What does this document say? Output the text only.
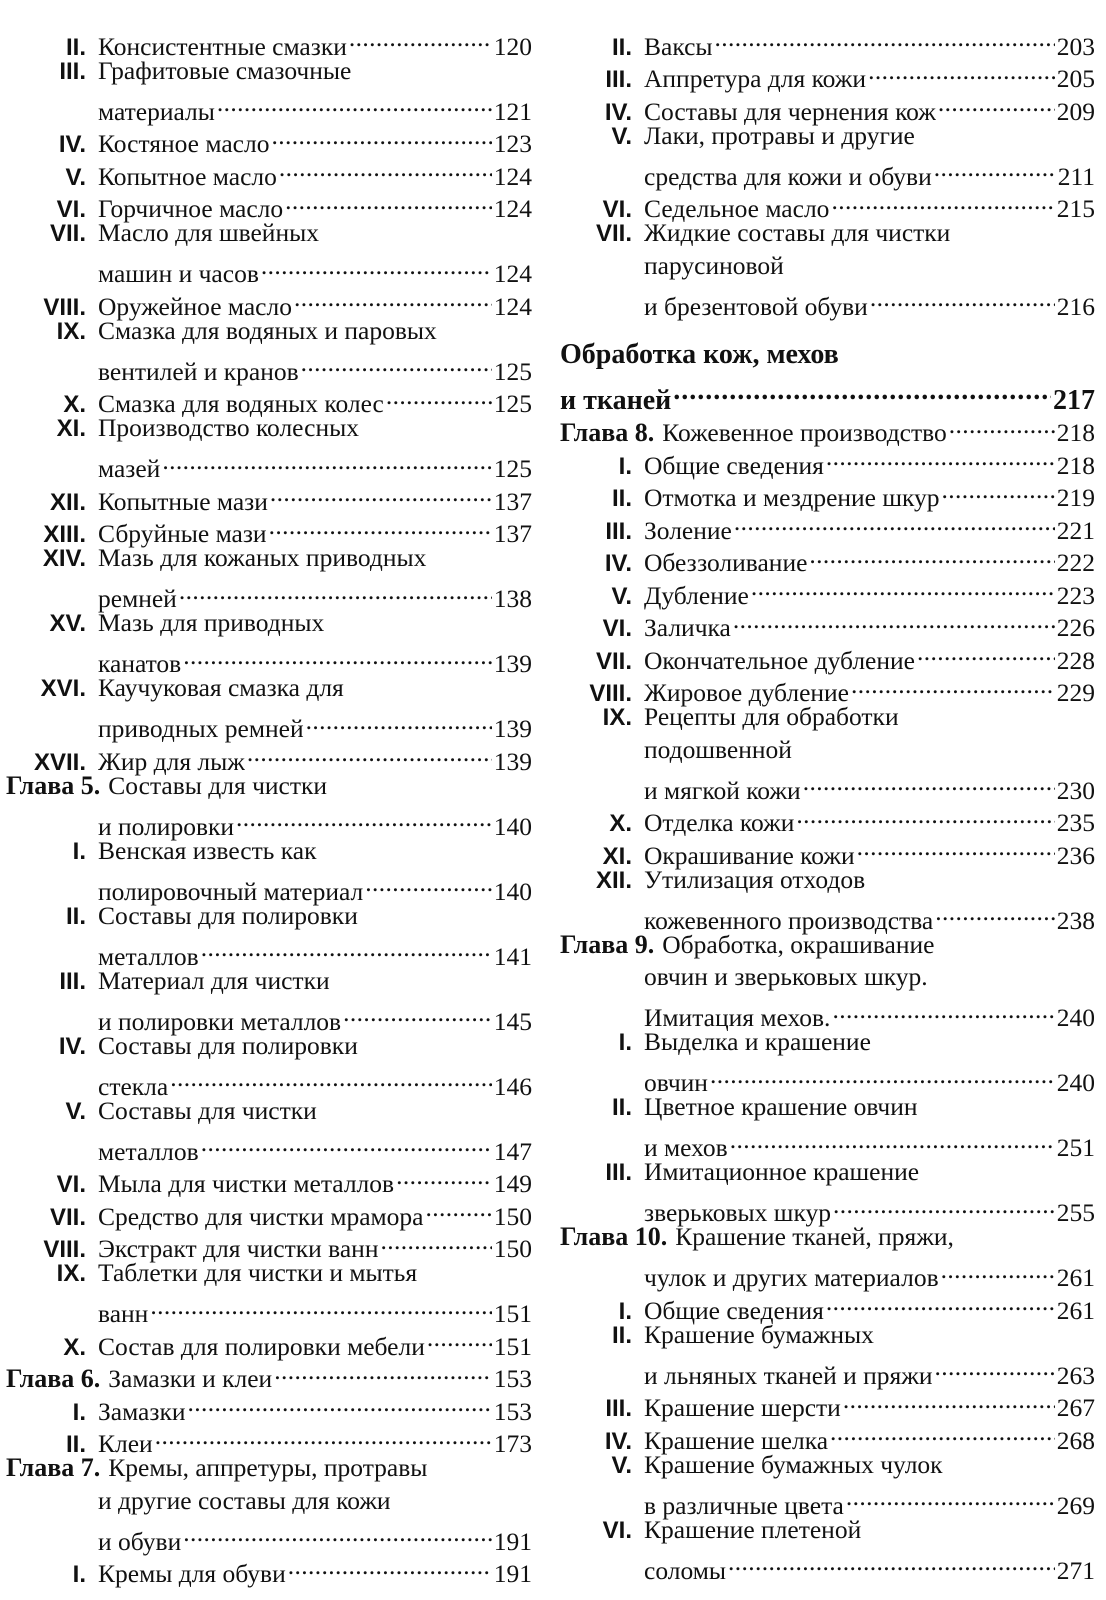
II. Консистентные смазки . . .	120
III. Графитовые смазочные
материалы . . .	121
IV. Костяное масло . . .	123
V. Копытное масло . . .	124
VI. Горчичное масло . . .	124
VII. Масло для швейных
машин и часов . . .	124
VIII. Оружейное масло . . .	124
IX. Смазка для водяных и паровых
вентилей и кранов . . .	125
X. Смазка для водяных колес . . .	125
XI. Производство колесных
мазей . . .	125
XII. Копытные мази . . .	137
XIII. Сбруйные мази . . .	137
XIV. Мазь для кожаных приводных
ремней . . .	138
XV. Мазь для приводных
канатов . . .	139
XVI. Каучуковая смазка для
приводных ремней . . .	139
XVII. Жир для лыж . . .	139
Глава 5. Составы для чистки
и полировки . . .	140
I. Венская известь как
полировочный материал . . .	140
II. Составы для полировки
металлов . . .	141
III. Материал для чистки
и полировки металлов . . .	145
IV. Составы для полировки
стекла . . .	146
V. Составы для чистки
металлов . . .	147
VI. Мыла для чистки металлов . . .	149
VII. Средство для чистки мрамора . . .	150
VIII. Экстракт для чистки ванн . . .	150
IX. Таблетки для чистки и мытья
ванн . . .	151
X. Состав для полировки мебели . . .	151
Глава 6. Замазки и клеи . . .	153
I. Замазки . . .	153
II. Клеи . . .	173
Глава 7. Кремы, аппретуры, протравы
и другие составы для кожи
и обуви . . .	191
I. Кремы для обуви . . .	191
II. Ваксы . . .	203
III. Аппретура для кожи . . .	205
IV. Составы для чернения кож . . .	209
V. Лаки, протравы и другие
средства для кожи и обуви . . .	211
VI. Седельное масло . . .	215
VII. Жидкие составы для чистки
парусиновой
и брезентовой обуви . . .	216
Обработка кож, мехов
и тканей . . .	217
Глава 8. Кожевенное производство . . .	218
I. Общие сведения . . .	218
II. Отмотка и мездрение шкур . . .	219
III. Золение . . .	221
IV. Обеззоливание . . .	222
V. Дубление . . .	223
VI. Заличка . . .	226
VII. Окончательное дубление . . .	228
VIII. Жировое дубление . . .	229
IX. Рецепты для обработки
подошвенной
и мягкой кожи . . .	230
X. Отделка кожи . . .	235
XI. Окрашивание кожи . . .	236
XII. Утилизация отходов
кожевенного производства . . .	238
Глава 9. Обработка, окрашивание
овчин и зверьковых шкур.
Имитация мехов. . . .	240
I. Выделка и крашение
овчин . . .	240
II. Цветное крашение овчин
и мехов . . .	251
III. Имитационное крашение
зверьковых шкур . . .	255
Глава 10. Крашение тканей, пряжи,
чулок и других материалов . . .	261
I. Общие сведения . . .	261
II. Крашение бумажных
и льняных тканей и пряжи . . .	263
III. Крашение шерсти . . .	267
IV. Крашение шелка . . .	268
V. Крашение бумажных чулок
в различные цвета . . .	269
VI. Крашение плетеной
соломы . . .	271
